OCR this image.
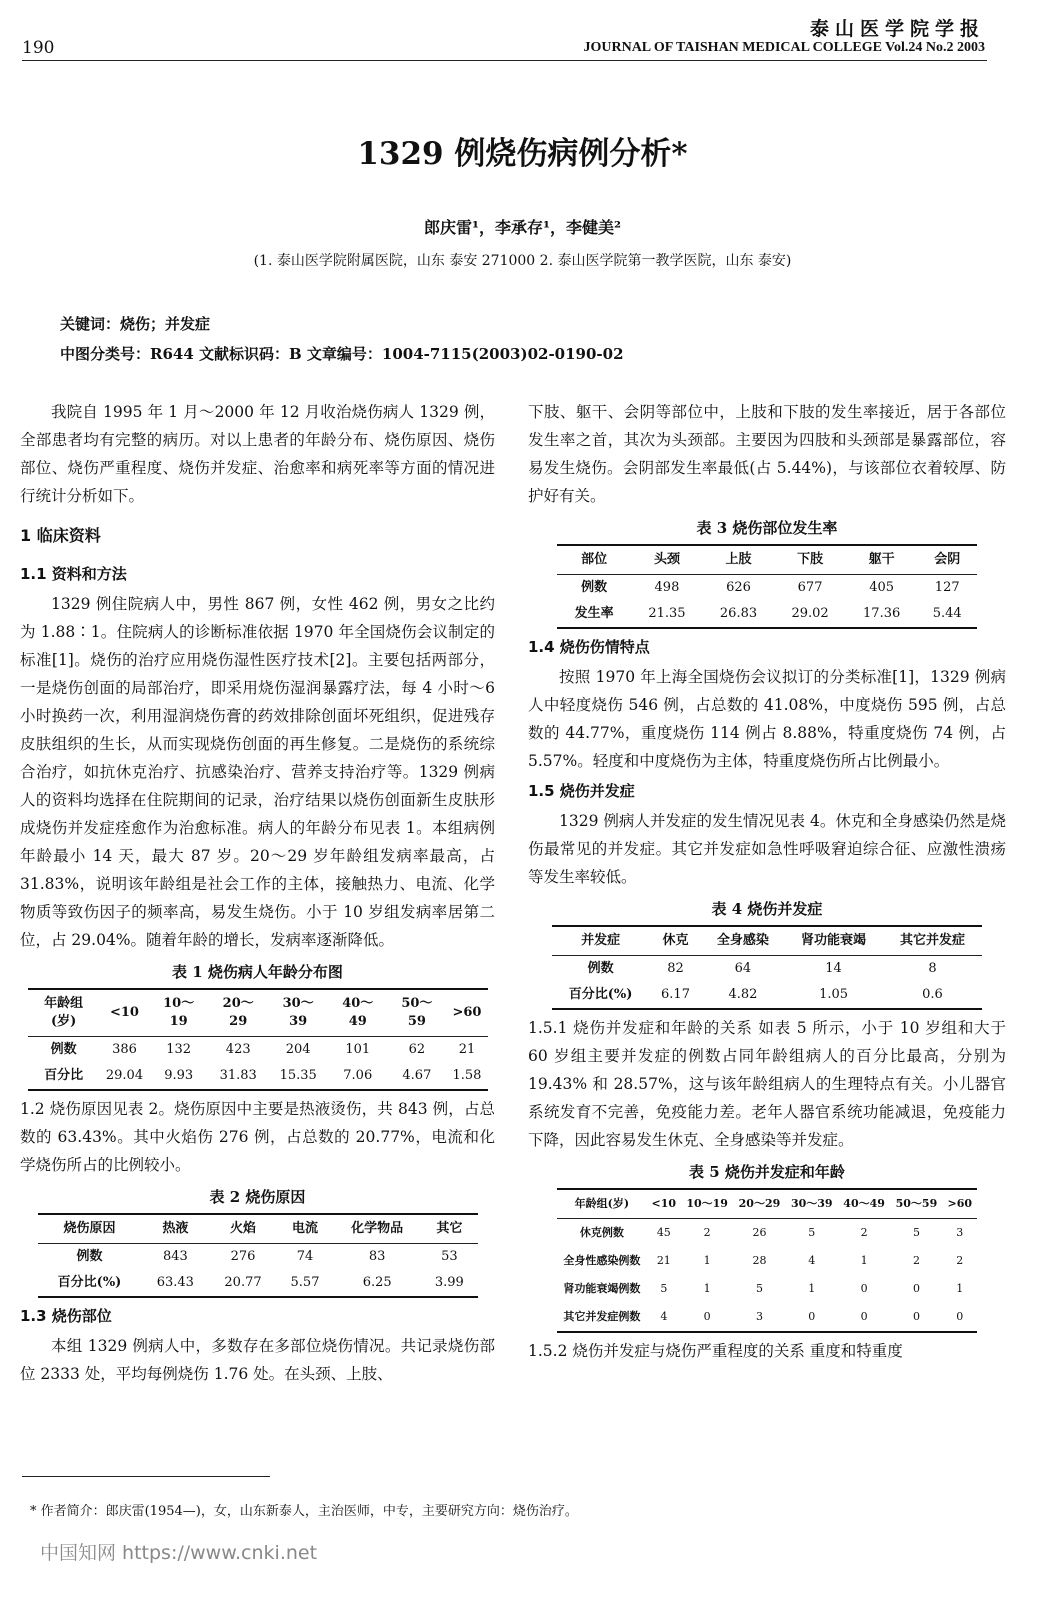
190
泰山医学院学报
JOURNAL OF TAISHAN MEDICAL COLLEGE Vol.24 No.2 2003
1329 例烧伤病例分析*
郎庆雷¹，李承存¹，李健美²
(1. 泰山医学院附属医院，山东 泰安 271000 2. 泰山医学院第一教学医院，山东 泰安)
关键词：烧伤；并发症
中图分类号：R644 文献标识码：B 文章编号：1004-7115(2003)02-0190-02

我院自 1995 年 1 月～2000 年 12 月收治烧伤病人 1329 例，全部患者均有完整的病历。对以上患者的年龄分布、烧伤原因、烧伤部位、烧伤严重程度、烧伤并发症、治愈率和病死率等方面的情况进行统计分析如下。

1 临床资料
1.1 资料和方法

1329 例住院病人中，男性 867 例，女性 462 例，男女之比约为 1.88∶1。住院病人的诊断标准依据 1970 年全国烧伤会议制定的标准[1]。烧伤的治疗应用烧伤湿性医疗技术[2]。主要包括两部分，一是烧伤创面的局部治疗，即采用烧伤湿润暴露疗法，每 4 小时～6 小时换药一次，利用湿润烧伤膏的药效排除创面坏死组织，促进残存皮肤组织的生长，从而实现烧伤创面的再生修复。二是烧伤的系统综合治疗，如抗休克治疗、抗感染治疗、营养支持治疗等。1329 例病人的资料均选择在住院期间的记录，治疗结果以烧伤创面新生皮肤形成烧伤并发症痊愈作为治愈标准。病人的年龄分布见表 1。本组病例年龄最小 14 天，最大 87 岁。20～29 岁年龄组发病率最高，占 31.83%，说明该年龄组是社会工作的主体，接触热力、电流、化学物质等致伤因子的频率高，易发生烧伤。小于 10 岁组发病率居第二位，占 29.04%。随着年龄的增长，发病率逐渐降低。

表 1 烧伤病人年龄分布图
年龄组(岁)	<10	10～19	20～29	30～39	40～49	50～59	>60
例数	386	132	423	204	101	62	21
百分比	29.04	9.93	31.83	15.35	7.06	4.67	1.58

1.2 烧伤原因见表 2。烧伤原因中主要是热液烫伤，共 843 例，占总数的 63.43%。其中火焰伤 276 例，占总数的 20.77%，电流和化学烧伤所占的比例较小。

表 2 烧伤原因
烧伤原因	热液	火焰	电流	化学物品	其它
例数	843	276	74	83	53
百分比(%)	63.43	20.77	5.57	6.25	3.99
1.3 烧伤部位

本组 1329 例病人中，多数存在多部位烧伤情况。共记录烧伤部位 2333 处，平均每例烧伤 1.76 处。在头颈、上肢、

下肢、躯干、会阴等部位中，上肢和下肢的发生率接近，居于各部位发生率之首，其次为头颈部。主要因为四肢和头颈部是暴露部位，容易发生烧伤。会阴部发生率最低(占 5.44%)，与该部位衣着较厚、防护好有关。

表 3 烧伤部位发生率
部位	头颈	上肢	下肢	躯干	会阴
例数	498	626	677	405	127
发生率	21.35	26.83	29.02	17.36	5.44
1.4 烧伤伤情特点

按照 1970 年上海全国烧伤会议拟订的分类标准[1]，1329 例病人中轻度烧伤 546 例，占总数的 41.08%，中度烧伤 595 例，占总数的 44.77%，重度烧伤 114 例占 8.88%，特重度烧伤 74 例，占 5.57%。轻度和中度烧伤为主体，特重度烧伤所占比例最小。

1.5 烧伤并发症

1329 例病人并发症的发生情况见表 4。休克和全身感染仍然是烧伤最常见的并发症。其它并发症如急性呼吸窘迫综合征、应激性溃疡等发生率较低。

表 4 烧伤并发症
并发症	休克	全身感染	肾功能衰竭	其它并发症
例数	82	64	14	8
百分比(%)	6.17	4.82	1.05	0.6

1.5.1 烧伤并发症和年龄的关系 如表 5 所示，小于 10 岁组和大于 60 岁组主要并发症的例数占同年龄组病人的百分比最高，分别为 19.43% 和 28.57%，这与该年龄组病人的生理特点有关。小儿器官系统发育不完善，免疫能力差。老年人器官系统功能减退，免疫能力下降，因此容易发生休克、全身感染等并发症。

表 5 烧伤并发症和年龄
年龄组(岁)	<10	10～19	20～29	30～39	40～49	50～59	>60
休克例数	45	2	26	5	2	5	3
全身性感染例数	21	1	28	4	1	2	2
肾功能衰竭例数	5	1	5	1	0	0	1
其它并发症例数	4	0	3	0	0	0	0

1.5.2 烧伤并发症与烧伤严重程度的关系 重度和特重度

* 作者简介：郎庆雷(1954—)，女，山东新泰人，主治医师，中专，主要研究方向：烧伤治疗。
中国知网 https://www.cnki.net
